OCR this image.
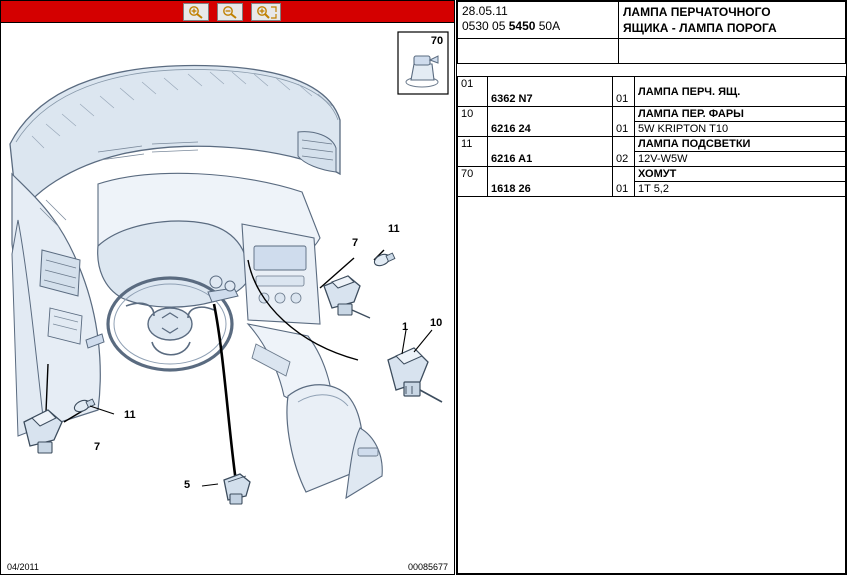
7
11
1 10
11
7
5
70
04/2011	00085677
28.05.11
0530 05 5450 50A

ЛАМПА ПЕРЧАТОЧНОГО
ЯЩИКА - ЛАМПА ПОРОГА

01			ЛАМПА ПЕРЧ. ЯЩ.
	6362 N7	01	
10			ЛАМПА ПЕР. ФАРЫ
	6216 24	01	5W KRIPTON T10
11			ЛАМПА ПОДСВЕТКИ
	6216 A1	02	12V-W5W
70			ХОМУТ
	1618 26	01	1T 5,2
